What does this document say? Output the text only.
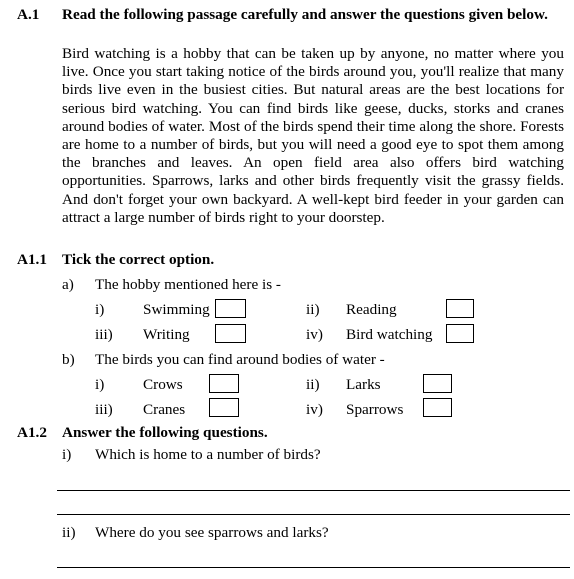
A.1 Read the following passage carefully and answer the questions given below.
Bird watching is a hobby that can be taken up by anyone, no matter where you live. Once you start taking notice of the birds around you, you'll realize that many birds live even in the busiest cities. But natural areas are the best locations for serious bird watching. You can find birds like geese, ducks, storks and cranes around bodies of water. Most of the birds spend their time along the shore. Forests are home to a number of birds, but you will need a good eye to spot them among the branches and leaves. An open field area also offers bird watching opportunities. Sparrows, larks and other birds frequently visit the grassy fields. And don't forget your own backyard. A well-kept bird feeder in your garden can attract a large number of birds right to your doorstep.
A1.1 Tick the correct option.
a) The hobby mentioned here is -
i)	Swimming	ii) Reading
iii) Writing	iv) Bird watching
b) The birds you can find around bodies of water -
i)	Crows	ii) Larks
iii) Cranes	iv) Sparrows
A1.2 Answer the following questions.
i) Which is home to a number of birds?
ii) Where do you see sparrows and larks?
